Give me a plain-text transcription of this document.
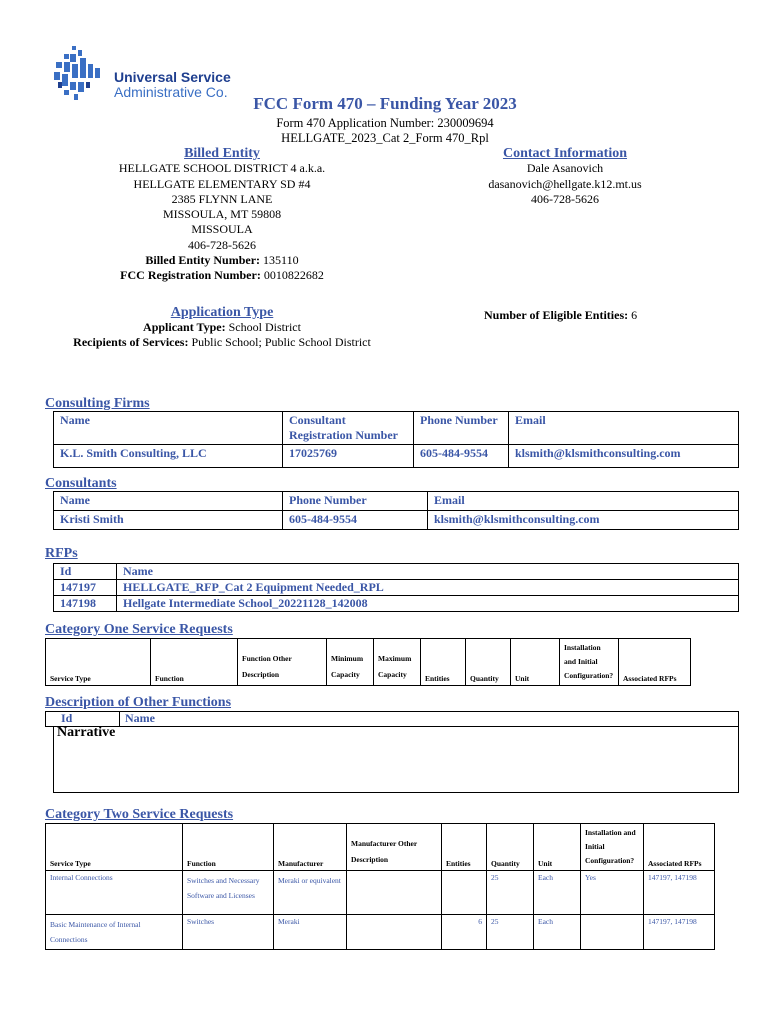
Universal Service
Administrative Co.
FCC Form 470 – Funding Year 2023
Form 470 Application Number: 230009694
HELLGATE_2023_Cat 2_Form 470_Rpl
Billed Entity
HELLGATE SCHOOL DISTRICT 4 a.k.a.
HELLGATE ELEMENTARY SD #4
2385 FLYNN LANE
MISSOULA, MT 59808
MISSOULA
406-728-5626
Billed Entity Number: 135110
FCC Registration Number: 0010822682
Contact Information
Dale Asanovich
dasanovich@hellgate.k12.mt.us
406-728-5626
Application Type
Applicant Type: School District
Recipients of Services: Public School; Public School District
Number of Eligible Entities: 6
Consulting Firms
Name	Consultant Registration Number	Phone Number	Email
K.L. Smith Consulting, LLC	17025769	605-484-9554	klsmith@klsmithconsulting.com
Consultants
Name	Phone Number	Email
Kristi Smith	605-484-9554	klsmith@klsmithconsulting.com
RFPs
Id	Name
147197	HELLGATE_RFP_Cat 2 Equipment Needed_RPL
147198	Hellgate Intermediate School_20221128_142008
Category One Service Requests
Service Type	Function	Function Other Description	Minimum Capacity	Maximum Capacity	Entities	Quantity	Unit	Installation and Initial Configuration?	Associated RFPs
Description of Other Functions
Id	Name
Narrative
Category Two Service Requests
Service Type	Function	Manufacturer	Manufacturer Other Description	Entities	Quantity	Unit	Installation and Initial Configuration?	Associated RFPs
Internal Connections	Switches and Necessary Software and Licenses	Meraki or equivalent			25	Each	Yes	147197, 147198
Basic Maintenance of Internal Connections	Switches	Meraki		6	25	Each		147197, 147198
